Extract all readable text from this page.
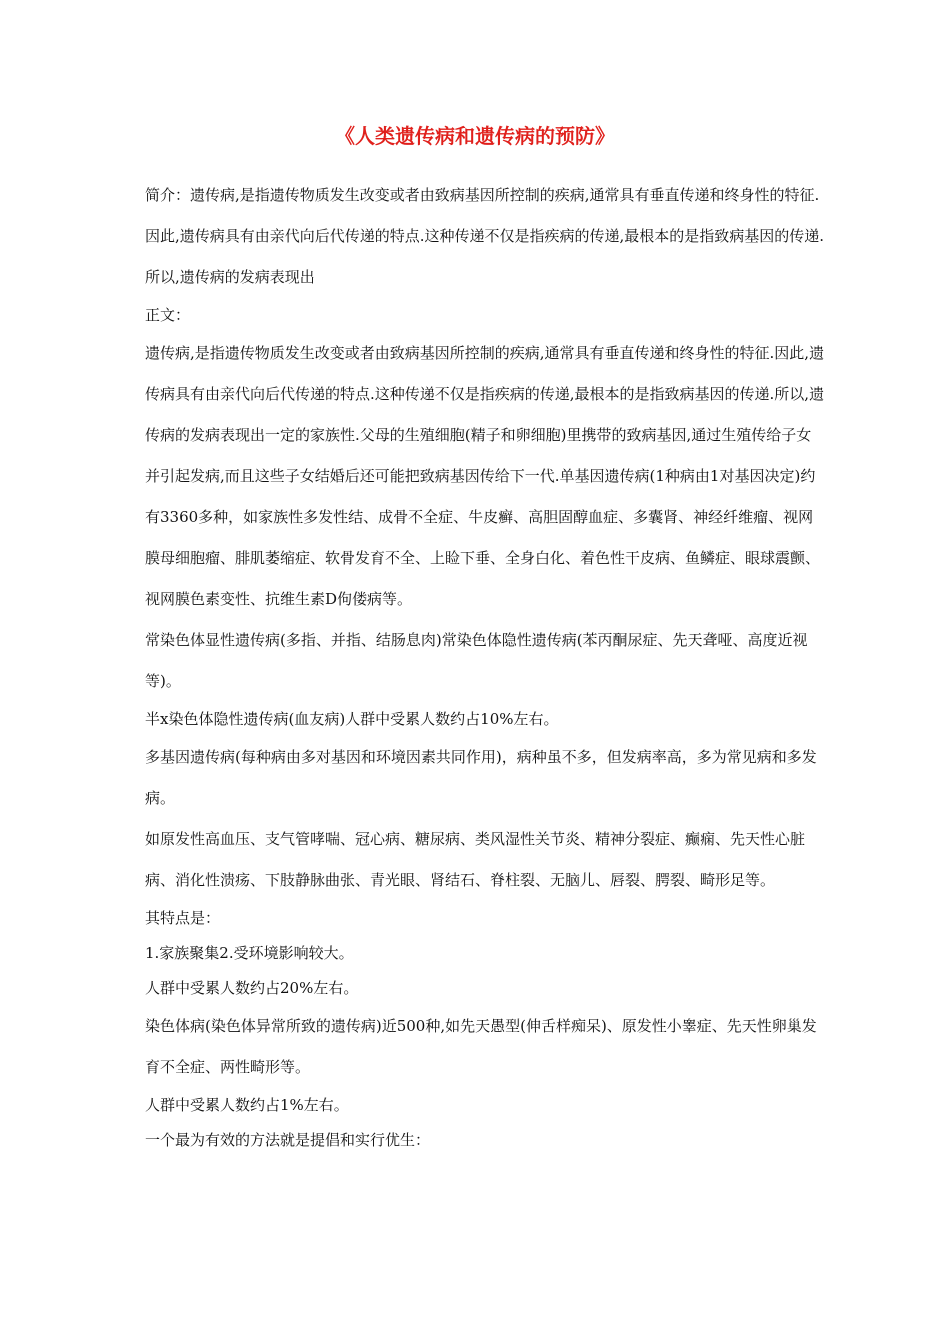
《人类遗传病和遗传病的预防》

简介：遗传病,是指遗传物质发生改变或者由致病基因所控制的疾病,通常具有垂直传递和终身性的特征.因此,遗传病具有由亲代向后代传递的特点.这种传递不仅是指疾病的传递,最根本的是指致病基因的传递.所以,遗传病的发病表现出

正文：

遗传病,是指遗传物质发生改变或者由致病基因所控制的疾病,通常具有垂直传递和终身性的特征.因此,遗传病具有由亲代向后代传递的特点.这种传递不仅是指疾病的传递,最根本的是指致病基因的传递.所以,遗传病的发病表现出一定的家族性.父母的生殖细胞(精子和卵细胞)里携带的致病基因,通过生殖传给子女并引起发病,而且这些子女结婚后还可能把致病基因传给下一代.单基因遗传病(1种病由1对基因决定)约有3360多种，如家族性多发性结、成骨不全症、牛皮癣、高胆固醇血症、多囊肾、神经纤维瘤、视网膜母细胞瘤、腓肌萎缩症、软骨发育不全、上睑下垂、全身白化、着色性干皮病、鱼鳞症、眼球震颤、视网膜色素变性、抗维生素D佝偻病等。

常染色体显性遗传病(多指、并指、结肠息肉)常染色体隐性遗传病(苯丙酮尿症、先天聋哑、高度近视等)。

半x染色体隐性遗传病(血友病)人群中受累人数约占10%左右。

多基因遗传病(每种病由多对基因和环境因素共同作用)，病种虽不多，但发病率高，多为常见病和多发病。

如原发性高血压、支气管哮喘、冠心病、糖尿病、类风湿性关节炎、精神分裂症、癫痫、先天性心脏病、消化性溃疡、下肢静脉曲张、青光眼、肾结石、脊柱裂、无脑儿、唇裂、腭裂、畸形足等。

其特点是：

1.家族聚集2.受环境影响较大。

人群中受累人数约占20%左右。

染色体病(染色体异常所致的遗传病)近500种,如先天愚型(伸舌样痴呆)、原发性小睾症、先天性卵巢发育不全症、两性畸形等。

人群中受累人数约占1%左右。

一个最为有效的方法就是提倡和实行优生：
